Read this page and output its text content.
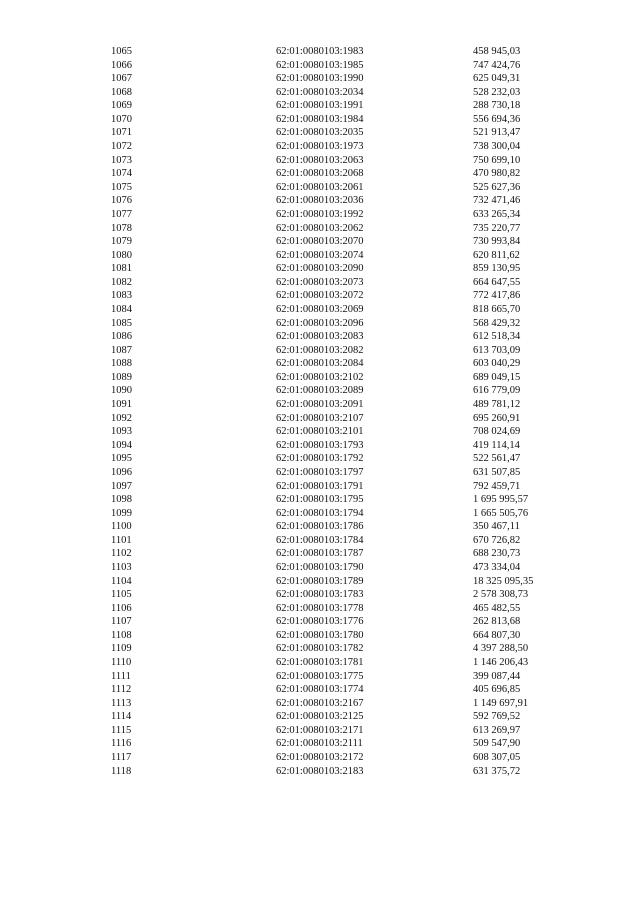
1065	62:01:0080103:1983	458 945,03
1066	62:01:0080103:1985	747 424,76
1067	62:01:0080103:1990	625 049,31
1068	62:01:0080103:2034	528 232,03
1069	62:01:0080103:1991	288 730,18
1070	62:01:0080103:1984	556 694,36
1071	62:01:0080103:2035	521 913,47
1072	62:01:0080103:1973	738 300,04
1073	62:01:0080103:2063	750 699,10
1074	62:01:0080103:2068	470 980,82
1075	62:01:0080103:2061	525 627,36
1076	62:01:0080103:2036	732 471,46
1077	62:01:0080103:1992	633 265,34
1078	62:01:0080103:2062	735 220,77
1079	62:01:0080103:2070	730 993,84
1080	62:01:0080103:2074	620 811,62
1081	62:01:0080103:2090	859 130,95
1082	62:01:0080103:2073	664 647,55
1083	62:01:0080103:2072	772 417,86
1084	62:01:0080103:2069	818 665,70
1085	62:01:0080103:2096	568 429,32
1086	62:01:0080103:2083	612 518,34
1087	62:01:0080103:2082	613 703,09
1088	62:01:0080103:2084	603 040,29
1089	62:01:0080103:2102	689 049,15
1090	62:01:0080103:2089	616 779,09
1091	62:01:0080103:2091	489 781,12
1092	62:01:0080103:2107	695 260,91
1093	62:01:0080103:2101	708 024,69
1094	62:01:0080103:1793	419 114,14
1095	62:01:0080103:1792	522 561,47
1096	62:01:0080103:1797	631 507,85
1097	62:01:0080103:1791	792 459,71
1098	62:01:0080103:1795	1 695 995,57
1099	62:01:0080103:1794	1 665 505,76
1100	62:01:0080103:1786	350 467,11
1101	62:01:0080103:1784	670 726,82
1102	62:01:0080103:1787	688 230,73
1103	62:01:0080103:1790	473 334,04
1104	62:01:0080103:1789	18 325 095,35
1105	62:01:0080103:1783	2 578 308,73
1106	62:01:0080103:1778	465 482,55
1107	62:01:0080103:1776	262 813,68
1108	62:01:0080103:1780	664 807,30
1109	62:01:0080103:1782	4 397 288,50
1110	62:01:0080103:1781	1 146 206,43
1111	62:01:0080103:1775	399 087,44
1112	62:01:0080103:1774	405 696,85
1113	62:01:0080103:2167	1 149 697,91
1114	62:01:0080103:2125	592 769,52
1115	62:01:0080103:2171	613 269,97
1116	62:01:0080103:2111	509 547,90
1117	62:01:0080103:2172	608 307,05
1118	62:01:0080103:2183	631 375,72
